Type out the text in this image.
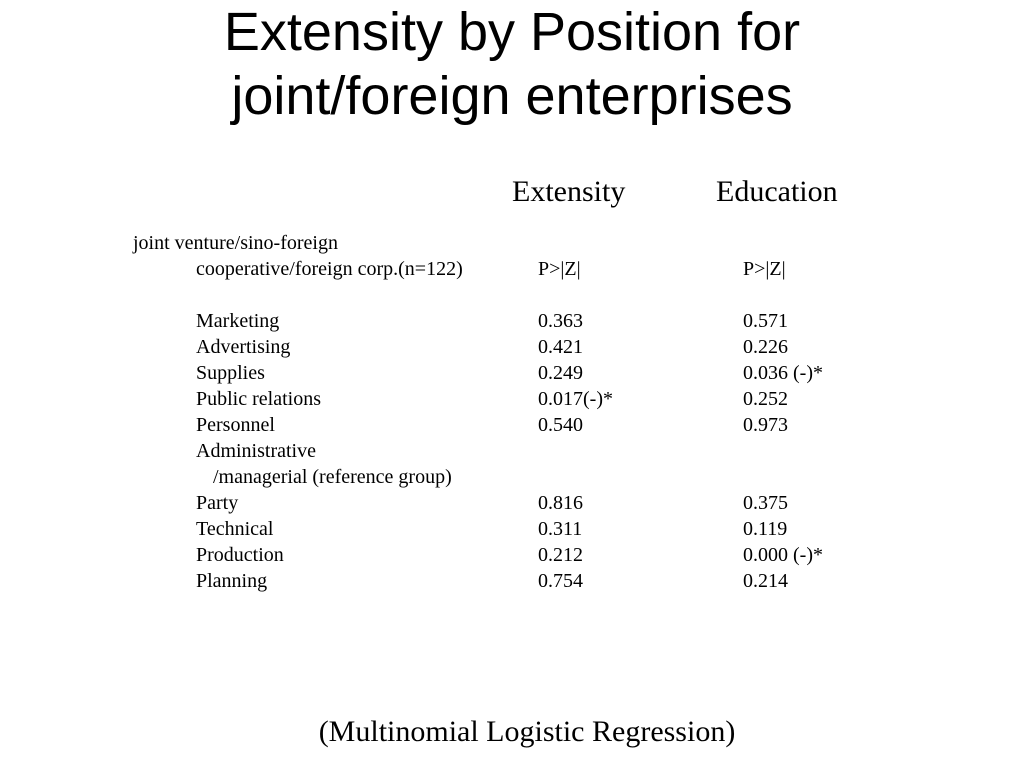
Extensity by Position for
joint/foreign enterprises
Extensity	Education
joint venture/sino-foreign
cooperative/foreign corp.(n=122)	P>|Z|	P>|Z|
Marketing	0.363	0.571
Advertising	0.421	0.226
Supplies	0.249	0.036 (-)*
Public relations	0.017(-)*	0.252
Personnel	0.540	0.973
Administrative
/managerial (reference group)
Party	0.816	0.375
Technical	0.311	0.119
Production	0.212	0.000 (-)*
Planning	0.754	0.214
(Multinomial Logistic Regression)
